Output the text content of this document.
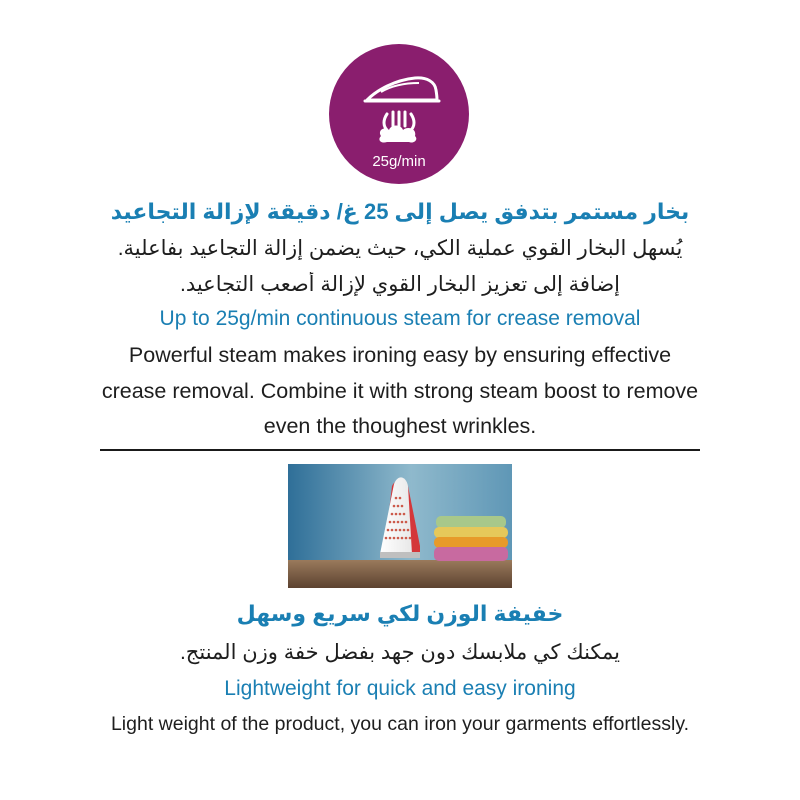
25g/min
بخار مستمر بتدفق يصل إلى 25 غ/ دقيقة لإزالة التجاعيد
يُسهل البخار القوي عملية الكي، حيث يضمن إزالة التجاعيد بفاعلية.
إضافة إلى تعزيز البخار القوي لإزالة أصعب التجاعيد.
Up to 25g/min continuous steam for crease removal
Powerful steam makes ironing easy by ensuring effective
crease removal. Combine it with strong steam boost to remove
even the thoughest wrinkles.
خفيفة الوزن لكي سريع وسهل
يمكنك كي ملابسك دون جهد بفضل خفة وزن المنتج.
Lightweight for quick and easy ironing
Light weight of the product, you can iron your garments effortlessly.
